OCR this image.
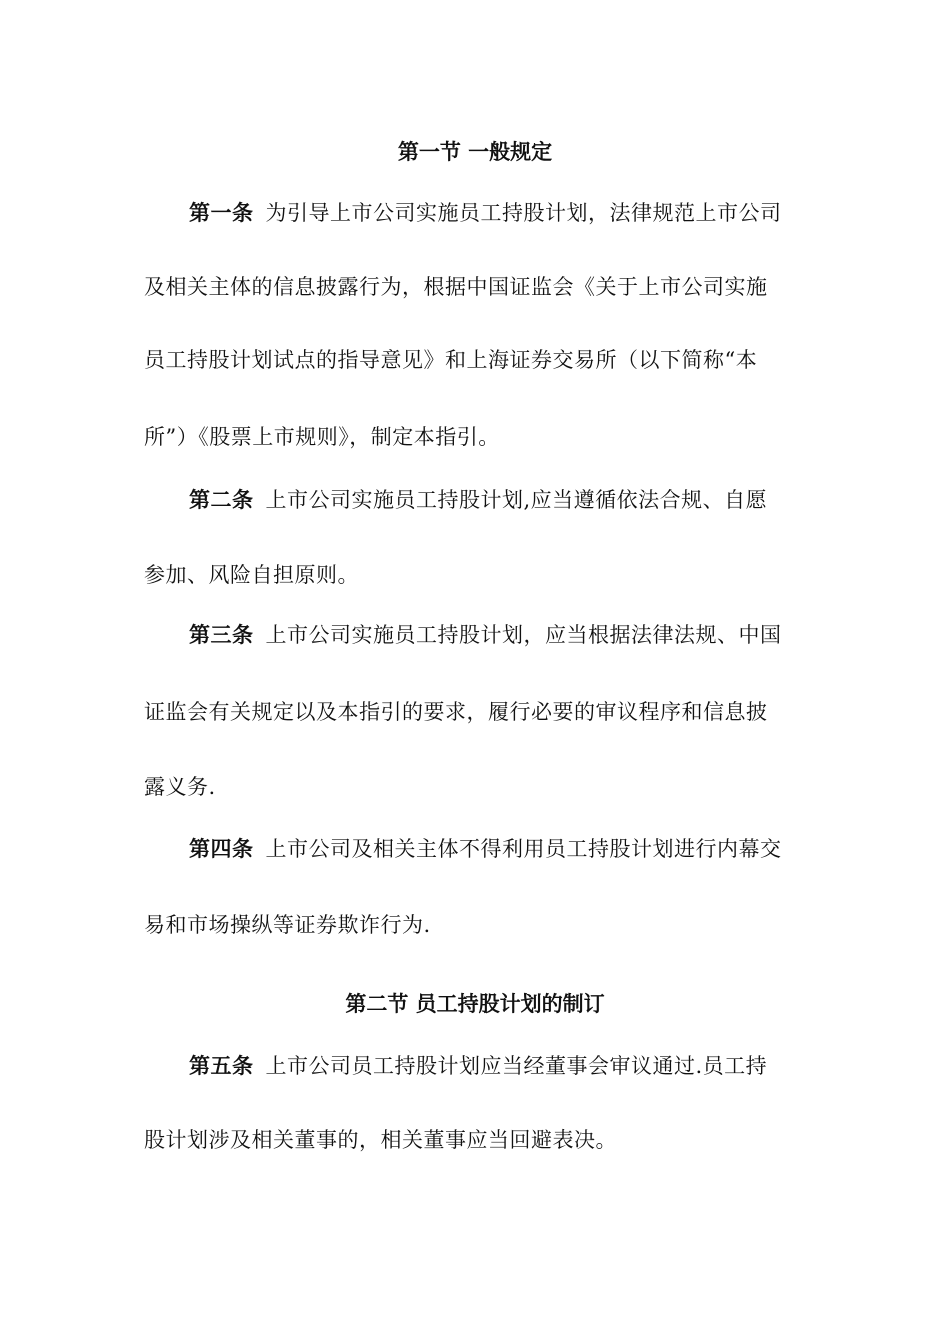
第一节 一般规定
第一条 为引导上市公司实施员工持股计划，法律规范上市公司
及相关主体的信息披露行为，根据中国证监会《关于上市公司实施
员工持股计划试点的指导意见》和上海证券交易所（以下简称“本
所”）《股票上市规则》，制定本指引。
第二条 上市公司实施员工持股计划,应当遵循依法合规、自愿
参加、风险自担原则。
第三条 上市公司实施员工持股计划，应当根据法律法规、中国
证监会有关规定以及本指引的要求，履行必要的审议程序和信息披
露义务.
第四条 上市公司及相关主体不得利用员工持股计划进行内幕交
易和市场操纵等证券欺诈行为.
第二节 员工持股计划的制订
第五条 上市公司员工持股计划应当经董事会审议通过.员工持
股计划涉及相关董事的，相关董事应当回避表决。
